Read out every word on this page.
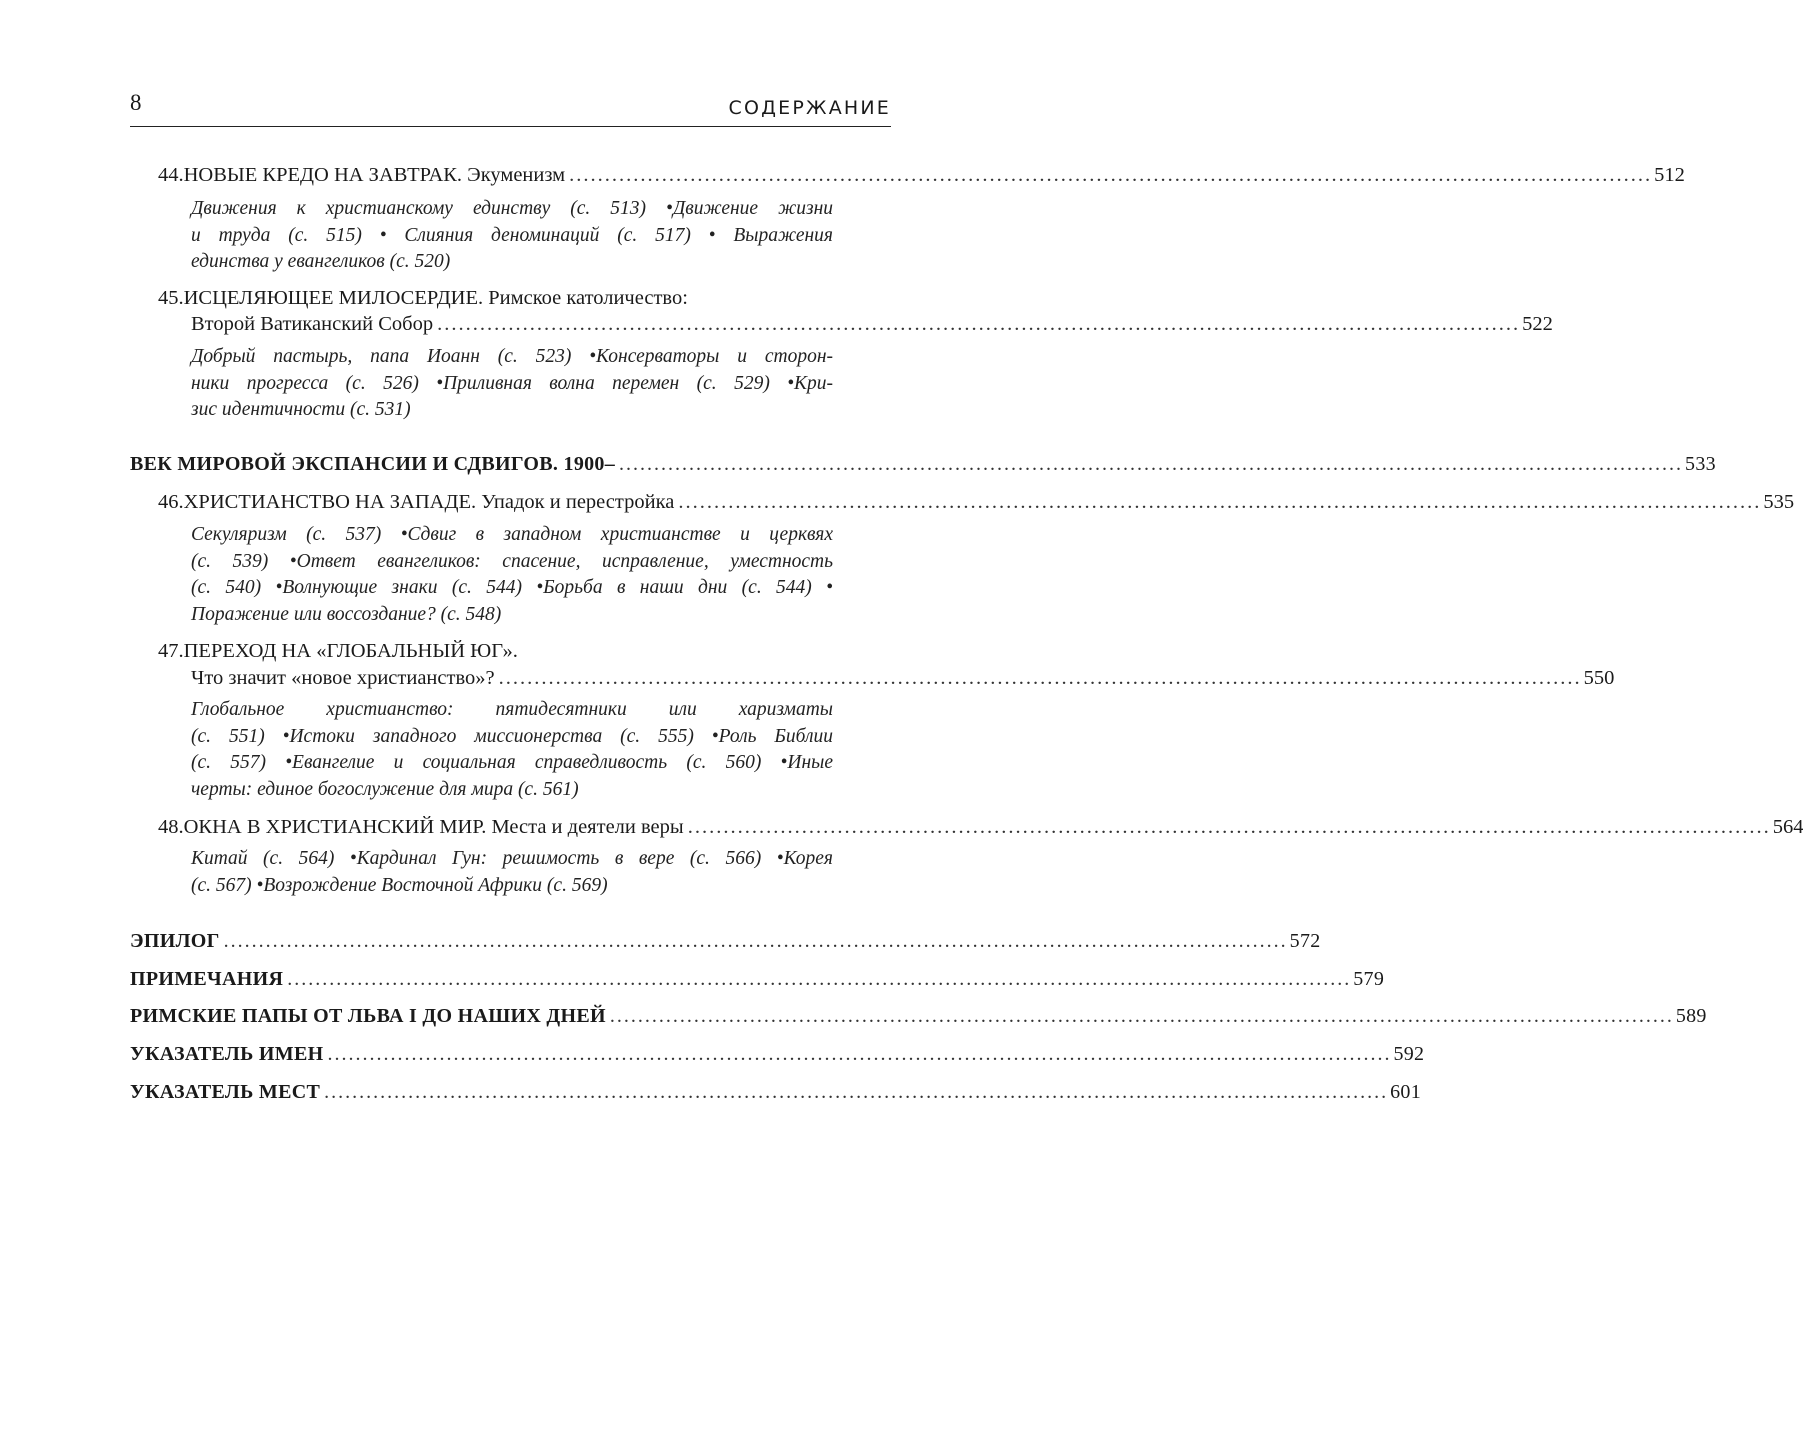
8	СОДЕРЖАНИЕ
44. НОВЫЕ КРЕДО НА ЗАВТРАК. Экуменизм ........................................................................................................................................................ 512
Движения к христианскому единству (с. 513) •Движение жизни
и труда (с. 515) • Слияния деноминаций (с. 517) • Выражения
единства у евангеликов (с. 520)
45. ИСЦЕЛЯЮЩЕЕ МИЛОСЕРДИЕ. Римское католичество:
Второй Ватиканский Собор ........................................................................................................................................................ 522
Добрый пастырь, папа Иоанн (с. 523) •Консерваторы и сторон-
ники прогресса (с. 526) •Приливная волна перемен (с. 529) •Кри-
зис идентичности (с. 531)
ВЕК МИРОВОЙ ЭКСПАНСИИ И СДВИГОВ. 1900– ........................................................................................................................................................ 533
46. ХРИСТИАНСТВО НА ЗАПАДЕ. Упадок и перестройка ........................................................................................................................................................ 535
Секуляризм (с. 537) •Сдвиг в западном христианстве и церквях
(с. 539) •Ответ евангеликов: спасение, исправление, уместность
(с. 540) •Волнующие знаки (с. 544) •Борьба в наши дни (с. 544) •
Поражение или воссоздание? (с. 548)
47. ПЕРЕХОД НА «ГЛОБАЛЬНЫЙ ЮГ».
Что значит «новое христианство»? ........................................................................................................................................................ 550
Глобальное христианство: пятидесятники или харизматы
(с. 551) •Истоки западного миссионерства (с. 555) •Роль Библии
(с. 557) •Евангелие и социальная справедливость (с. 560) •Иные
черты: единое богослужение для мира (с. 561)
48. ОКНА В ХРИСТИАНСКИЙ МИР. Места и деятели веры ........................................................................................................................................................ 564
Китай (с. 564) •Кардинал Гун: решимость в вере (с. 566) •Корея
(с. 567) •Возрождение Восточной Африки (с. 569)
ЭПИЛОГ ........................................................................................................................................................ 572
ПРИМЕЧАНИЯ ........................................................................................................................................................ 579
РИМСКИЕ ПАПЫ ОТ ЛЬВА I ДО НАШИХ ДНЕЙ ........................................................................................................................................................ 589
УКАЗАТЕЛЬ ИМЕН ........................................................................................................................................................ 592
УКАЗАТЕЛЬ МЕСТ ........................................................................................................................................................ 601
